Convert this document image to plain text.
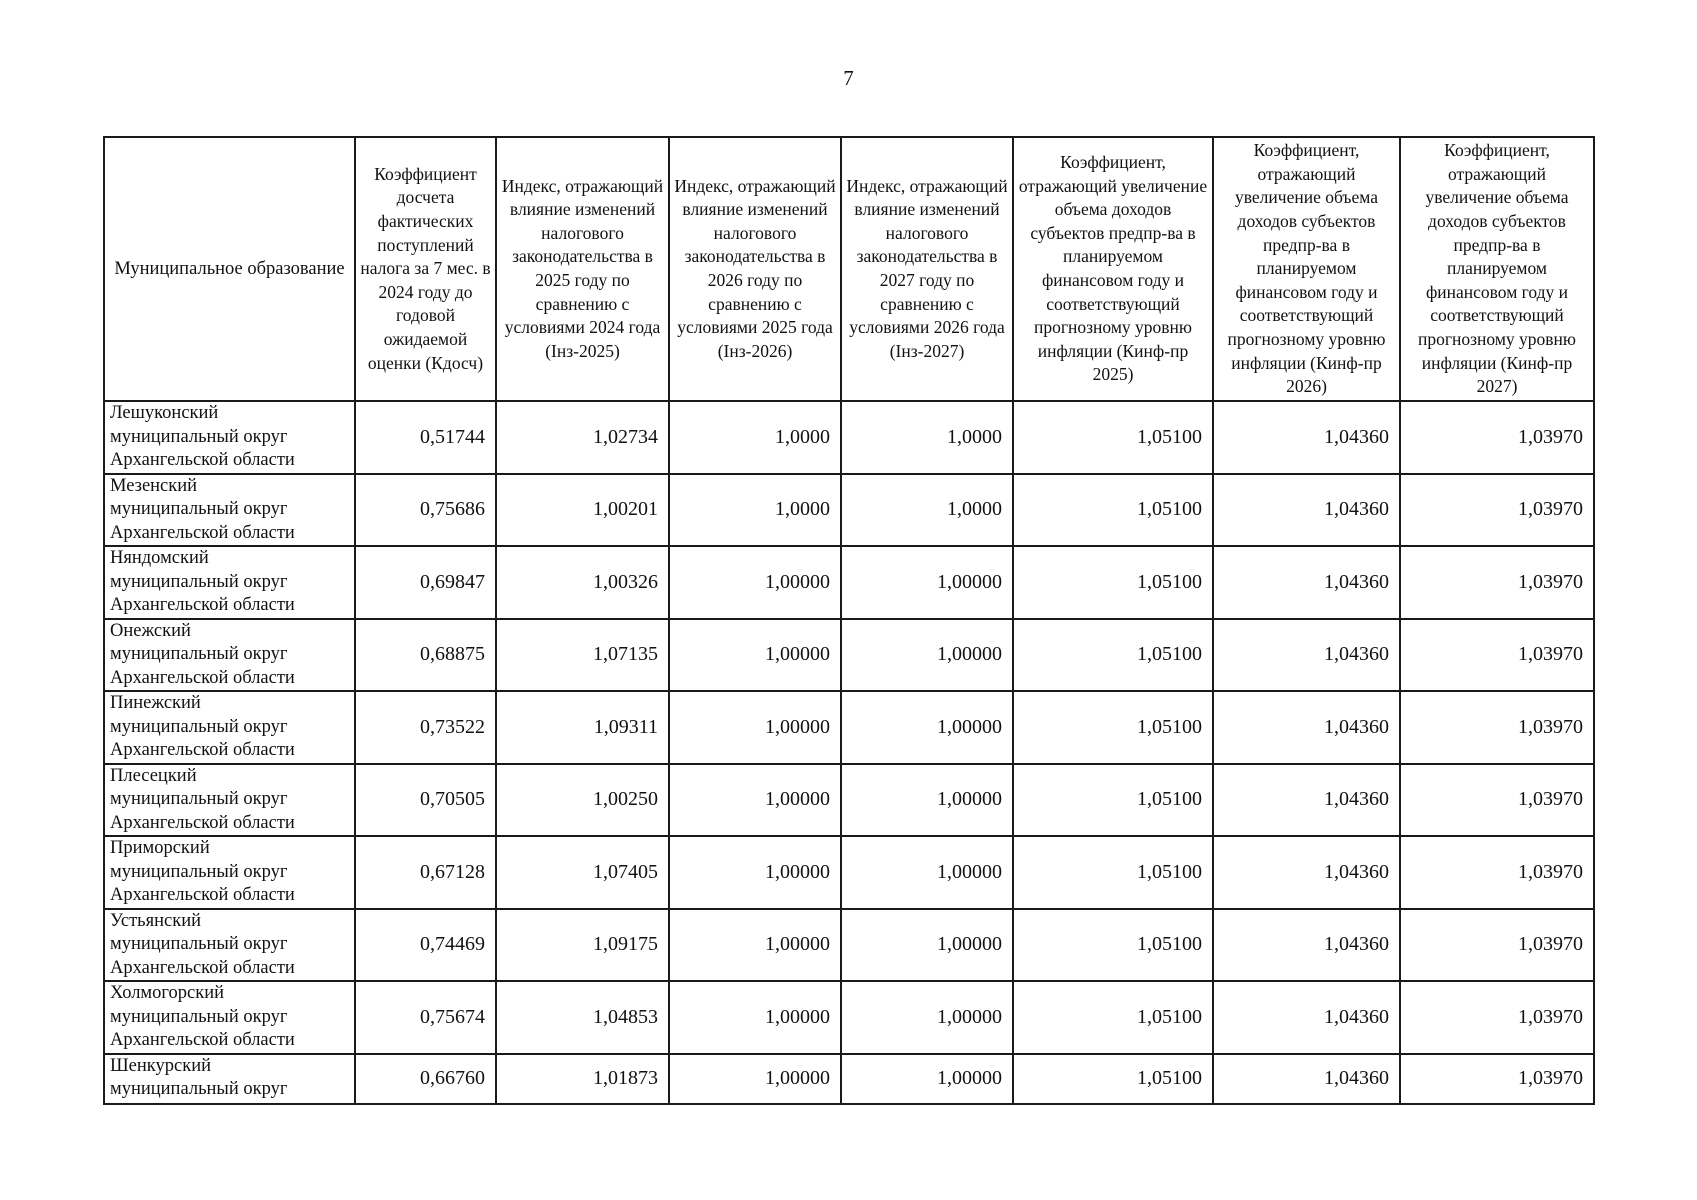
7
Муниципальное образование	Коэффициент досчета фактических поступлений налога за 7 мес. в 2024 году до годовой ожидаемой оценки (Кдосч)	Индекс, отражающий влияние изменений налогового законодательства в 2025 году по сравнению с условиями 2024 года (Iнз-2025)	Индекс, отражающий влияние изменений налогового законодательства в 2026 году по сравнению с условиями 2025 года (Iнз-2026)	Индекс, отражающий влияние изменений налогового законодательства в 2027 году по сравнению с условиями 2026 года (Iнз-2027)	Коэффициент, отражающий увеличение объема доходов субъектов предпр-ва в планируемом финансовом году и соответствующий прогнозному уровню инфляции (Кинф-пр 2025)	Коэффициент, отражающий увеличение объема доходов субъектов предпр-ва в планируемом финансовом году и соответствующий прогнозному уровню инфляции (Кинф-пр 2026)	Коэффициент, отражающий увеличение объема доходов субъектов предпр-ва в планируемом финансовом году и соответствующий прогнозному уровню инфляции (Кинф-пр 2027)
Лешуконский
муниципальный округ
Архангельской области	0,51744	1,02734	1,0000	1,0000	1,05100	1,04360	1,03970
Мезенский
муниципальный округ
Архангельской области	0,75686	1,00201	1,0000	1,0000	1,05100	1,04360	1,03970
Няндомский
муниципальный округ
Архангельской области	0,69847	1,00326	1,00000	1,00000	1,05100	1,04360	1,03970
Онежский
муниципальный округ
Архангельской области	0,68875	1,07135	1,00000	1,00000	1,05100	1,04360	1,03970
Пинежский
муниципальный округ
Архангельской области	0,73522	1,09311	1,00000	1,00000	1,05100	1,04360	1,03970
Плесецкий
муниципальный округ
Архангельской области	0,70505	1,00250	1,00000	1,00000	1,05100	1,04360	1,03970
Приморский
муниципальный округ
Архангельской области	0,67128	1,07405	1,00000	1,00000	1,05100	1,04360	1,03970
Устьянский
муниципальный округ
Архангельской области	0,74469	1,09175	1,00000	1,00000	1,05100	1,04360	1,03970
Холмогорский
муниципальный округ
Архангельской области	0,75674	1,04853	1,00000	1,00000	1,05100	1,04360	1,03970
Шенкурский
муниципальный округ	0,66760	1,01873	1,00000	1,00000	1,05100	1,04360	1,03970
